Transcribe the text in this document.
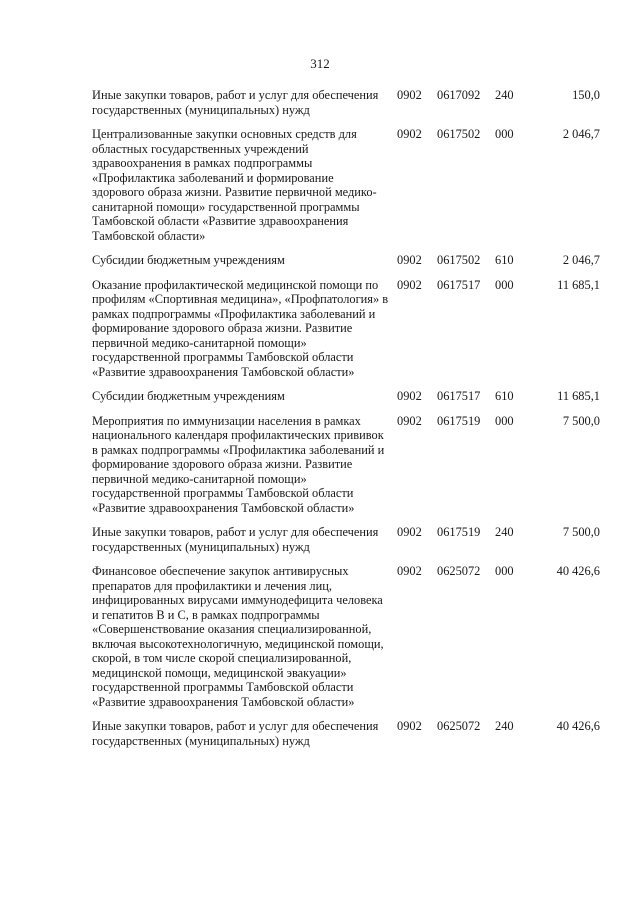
312
Иные закупки товаров, работ и услуг для обеспечения государственных (муниципальных) нужд	0902	0617092	240	150,0
Централизованные закупки основных средств для областных государственных учреждений здравоохранения в рамках подпрограммы «Профилактика заболеваний и формирование здорового образа жизни. Развитие первичной медико-санитарной помощи» государственной программы Тамбовской области «Развитие здравоохранения Тамбовской области»	0902	0617502	000	2 046,7
Субсидии бюджетным учреждениям	0902	0617502	610	2 046,7
Оказание профилактической медицинской помощи по профилям «Спортивная медицина», «Профпатология» в рамках подпрограммы «Профилактика заболеваний и формирование здорового образа жизни. Развитие первичной медико-санитарной помощи» государственной программы Тамбовской области «Развитие здравоохранения Тамбовской области»	0902	0617517	000	11 685,1
Субсидии бюджетным учреждениям	0902	0617517	610	11 685,1
Мероприятия по иммунизации населения в рамках национального календаря профилактических прививок в рамках подпрограммы «Профилактика заболеваний и формирование здорового образа жизни. Развитие первичной медико-санитарной помощи» государственной программы Тамбовской области «Развитие здравоохранения Тамбовской области»	0902	0617519	000	7 500,0
Иные закупки товаров, работ и услуг для обеспечения государственных (муниципальных) нужд	0902	0617519	240	7 500,0
Финансовое обеспечение закупок антивирусных препаратов для профилактики и лечения лиц, инфицированных вирусами иммунодефицита человека и гепатитов В и С, в рамках подпрограммы «Совершенствование оказания специализированной, включая высокотехнологичную, медицинской помощи, скорой, в том числе скорой специализированной, медицинской помощи, медицинской эвакуации» государственной программы Тамбовской области «Развитие здравоохранения Тамбовской области»	0902	0625072	000	40 426,6
Иные закупки товаров, работ и услуг для обеспечения государственных (муниципальных) нужд	0902	0625072	240	40 426,6
